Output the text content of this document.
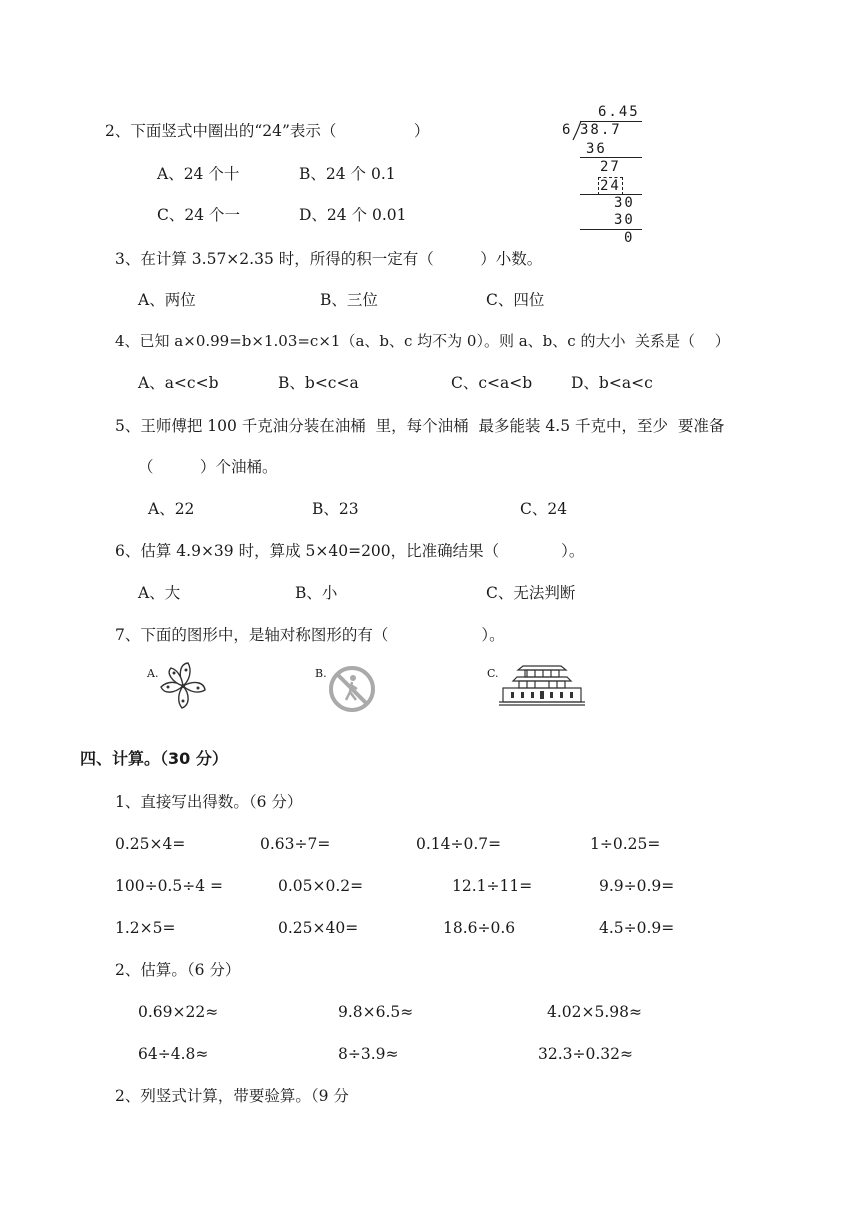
2、下面竖式中圈出的“24”表示（　　　　　）
A、24 个十	B、24 个 0.1
C、24 个一	D、24 个 0.01
6.45
6 38.7
36
27
24
30
30
0
3、在计算 3.57×2.35 时，所得的积一定有（　　　）小数。
A、两位	B、三位	C、四位
4、已知 a×0.99=b×1.03=c×1（a、b、c 均不为 0）。则 a、b、c 的大小  关系是（　 ）
A、a<c<b	B、b<c<a	C、c<a<b	D、b<a<c
5、王师傅把 100 千克油分装在油桶  里，每个油桶  最多能装 4.5 千克中，至少  要准备
（　　　）个油桶。
A、22	B、23	C、24
6、估算 4.9×39 时，算成 5×40=200，比准确结果（　　　　）。
A、大	B、小	C、无法判断
7、下面的图形中，是轴对称图形的有（　　　　　　）。
A.	B.	C.
四、计算。（30 分）
1、直接写出得数。（6 分）
0.25×4=	0.63÷7=	0.14÷0.7=	1÷0.25=
100÷0.5÷4 =	0.05×0.2=	12.1÷11=	9.9÷0.9=
1.2×5=	0.25×40=	18.6÷0.6	4.5÷0.9=
2、估算。（6 分）
0.69×22≈	9.8×6.5≈	4.02×5.98≈
64÷4.8≈	8÷3.9≈	32.3÷0.32≈
2、列竖式计算，带要验算。（9 分
